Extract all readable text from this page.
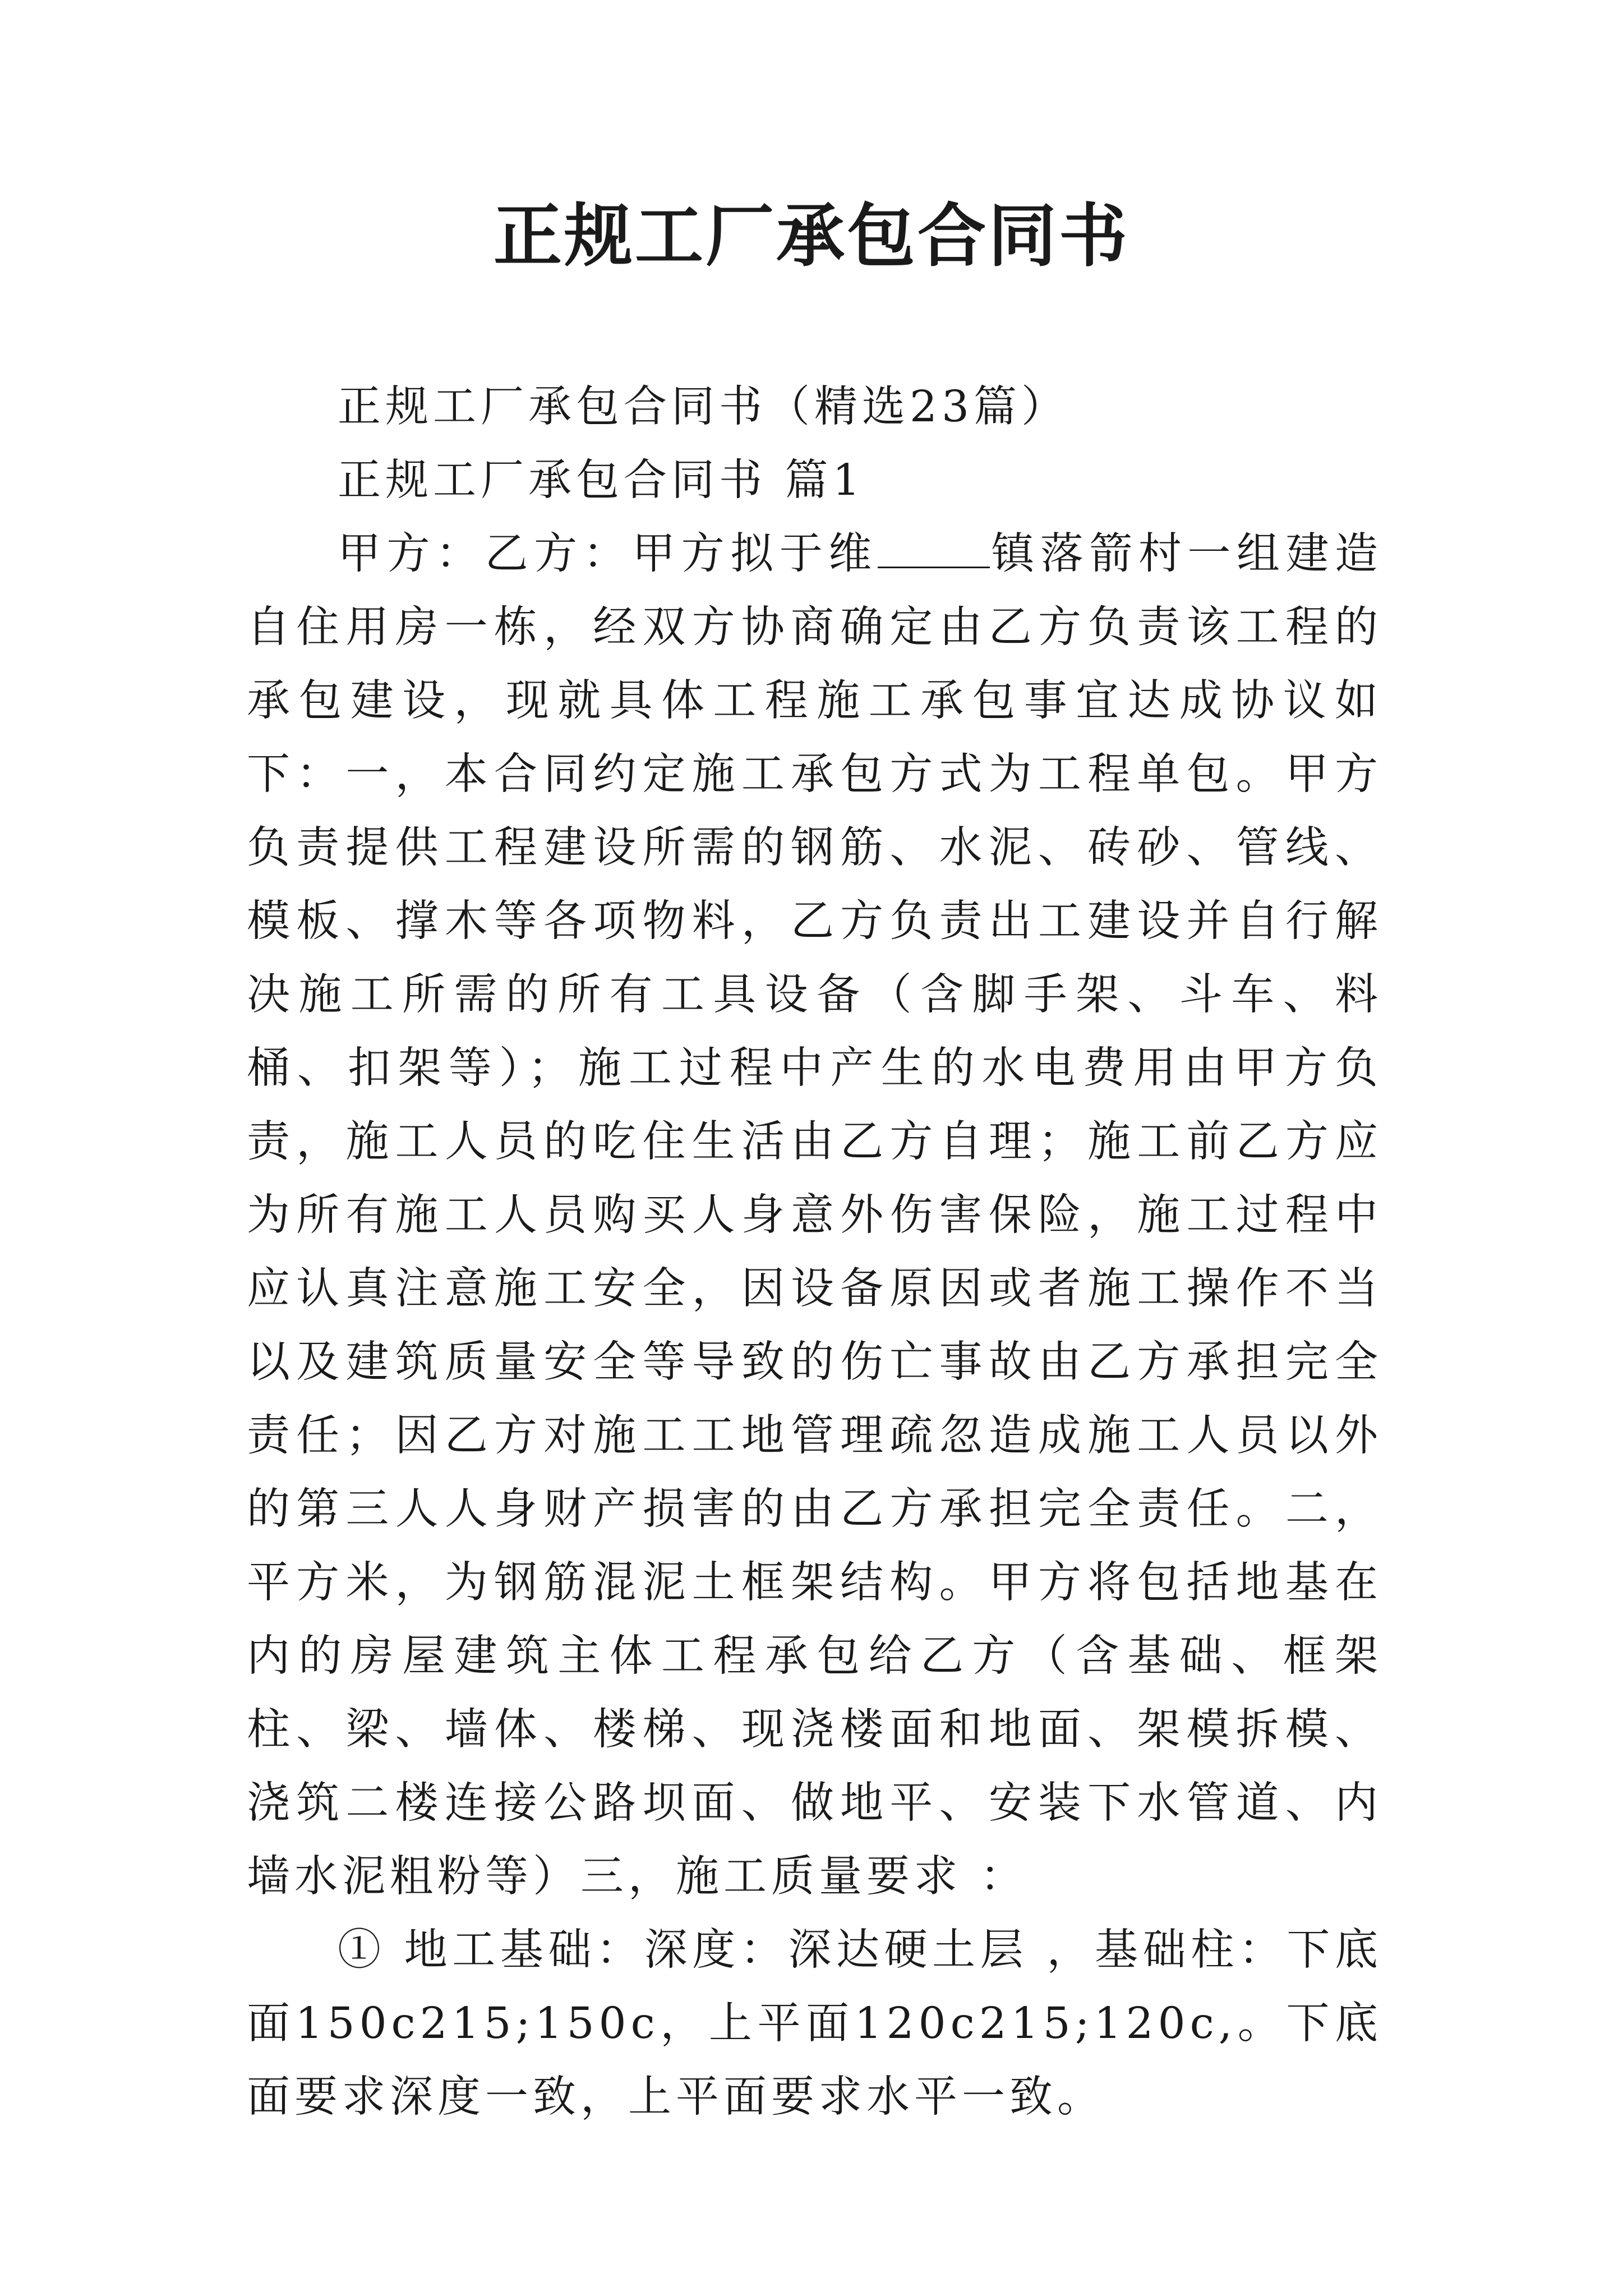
正规工厂承包合同书

正规工厂承包合同书（精选23篇）

正规工厂承包合同书 篇1

甲方：乙方：甲方拟于维	镇落箭村一组建造自住用房一栋，经双方协商确定由乙方负责该工程的承包建设，现就具体工程施工承包事宜达成协议如下：一，本合同约定施工承包方式为工程单包。甲方负责提供工程建设所需的钢筋、水泥、砖砂、管线、模板、撑木等各项物料，乙方负责出工建设并自行解决施工所需的所有工具设备（含脚手架、斗车、料桶、扣架等）；施工过程中产生的水电费用由甲方负责，施工人员的吃住生活由乙方自理；施工前乙方应为所有施工人员购买人身意外伤害保险，施工过程中应认真注意施工安全，因设备原因或者施工操作不当以及建筑质量安全等导致的伤亡事故由乙方承担完全责任；因乙方对施工工地管理疏忽造成施工人员以外的第三人人身财产损害的由乙方承担完全责任。二，平方米，为钢筋混泥土框架结构。甲方将包括地基在内的房屋建筑主体工程承包给乙方（含基础、框架柱、梁、墙体、楼梯、现浇楼面和地面、架模拆模、浇筑二楼连接公路坝面、做地平、安装下水管道、内墙水泥粗粉等）三，施工质量要求 ：

① 地工基础：深度：深达硬土层 ，基础柱：下底面150c215;150c，上平面120c215;120c,。下底面要求深度一致，上平面要求水平一致。
